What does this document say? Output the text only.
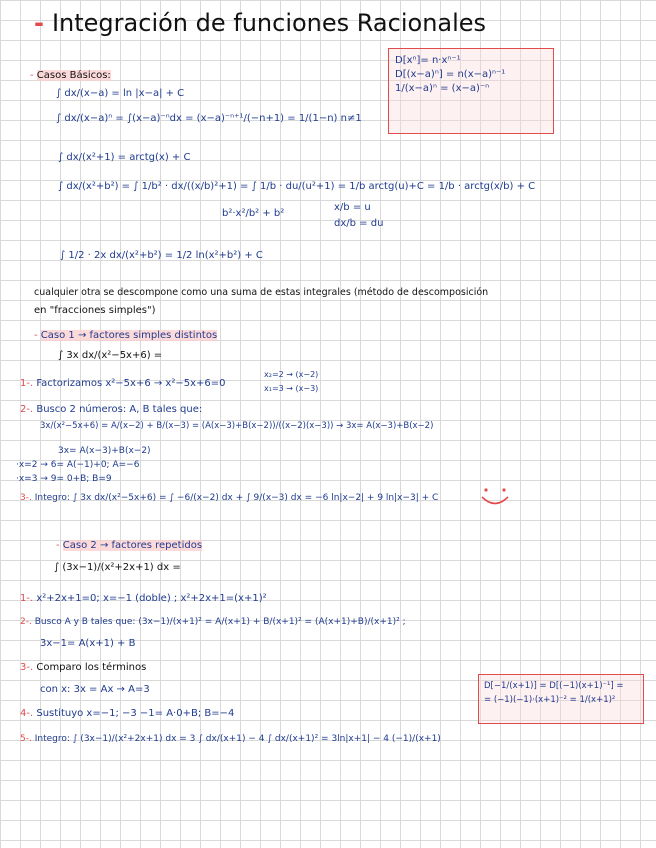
- Integración de funciones Racionales
D[xⁿ]= n·xⁿ⁻¹
D[(x−a)ⁿ] = n(x−a)ⁿ⁻¹
1/(x−a)ⁿ = (x−a)⁻ⁿ
- Casos Básicos:
∫ dx/(x−a) = ln |x−a| + C
∫ dx/(x−a)ⁿ = ∫(x−a)⁻ⁿdx = (x−a)⁻ⁿ⁺¹/(−n+1) = 1/(1−n) n≠1
∫ dx/(x²+1) = arctg(x) + C
∫ dx/(x²+b²) = ∫ 1/b² · dx/((x/b)²+1) = ∫ 1/b · du/(u²+1) = 1/b arctg(u)+C = 1/b · arctg(x/b) + C
b²·x²/b² + b²
x/b = u
dx/b = du
∫ 1/2 · 2x dx/(x²+b²) = 1/2 ln(x²+b²) + C
cualquier otra se descompone como una suma de estas integrales (método de descomposición
en "fracciones simples")
- Caso 1 → factores simples distintos
∫ 3x dx/(x²−5x+6) =
1-. Factorizamos x²−5x+6 → x²−5x+6=0
x₂=2 → (x−2)
x₁=3 → (x−3)
2-. Busco 2 números: A, B tales que:
3x/(x²−5x+6) = A/(x−2) + B/(x−3) = (A(x−3)+B(x−2))/((x−2)(x−3)) → 3x= A(x−3)+B(x−2)
3x= A(x−3)+B(x−2)
·x=2 → 6= A(−1)+0; A=−6
·x=3 → 9= 0+B; B=9
3-. Integro: ∫ 3x dx/(x²−5x+6) = ∫ −6/(x−2) dx + ∫ 9/(x−3) dx = −6 ln|x−2| + 9 ln|x−3| + C
- Caso 2 → factores repetidos
∫ (3x−1)/(x²+2x+1) dx =
1-. x²+2x+1=0; x=−1 (doble) ; x²+2x+1=(x+1)²
2-. Busco A y B tales que: (3x−1)/(x+1)² = A/(x+1) + B/(x+1)² = (A(x+1)+B)/(x+1)² ;
3x−1= A(x+1) + B
3-. Comparo los términos
con x: 3x = Ax → A=3
4-. Sustituyo x=−1; −3 −1= A·0+B; B=−4
5-. Integro: ∫ (3x−1)/(x²+2x+1) dx = 3 ∫ dx/(x+1) − 4 ∫ dx/(x+1)² = 3ln|x+1| − 4 (−1)/(x+1)
D[−1/(x+1)] = D[(−1)(x+1)⁻¹] =
= (−1)(−1)·(x+1)⁻² = 1/(x+1)²
